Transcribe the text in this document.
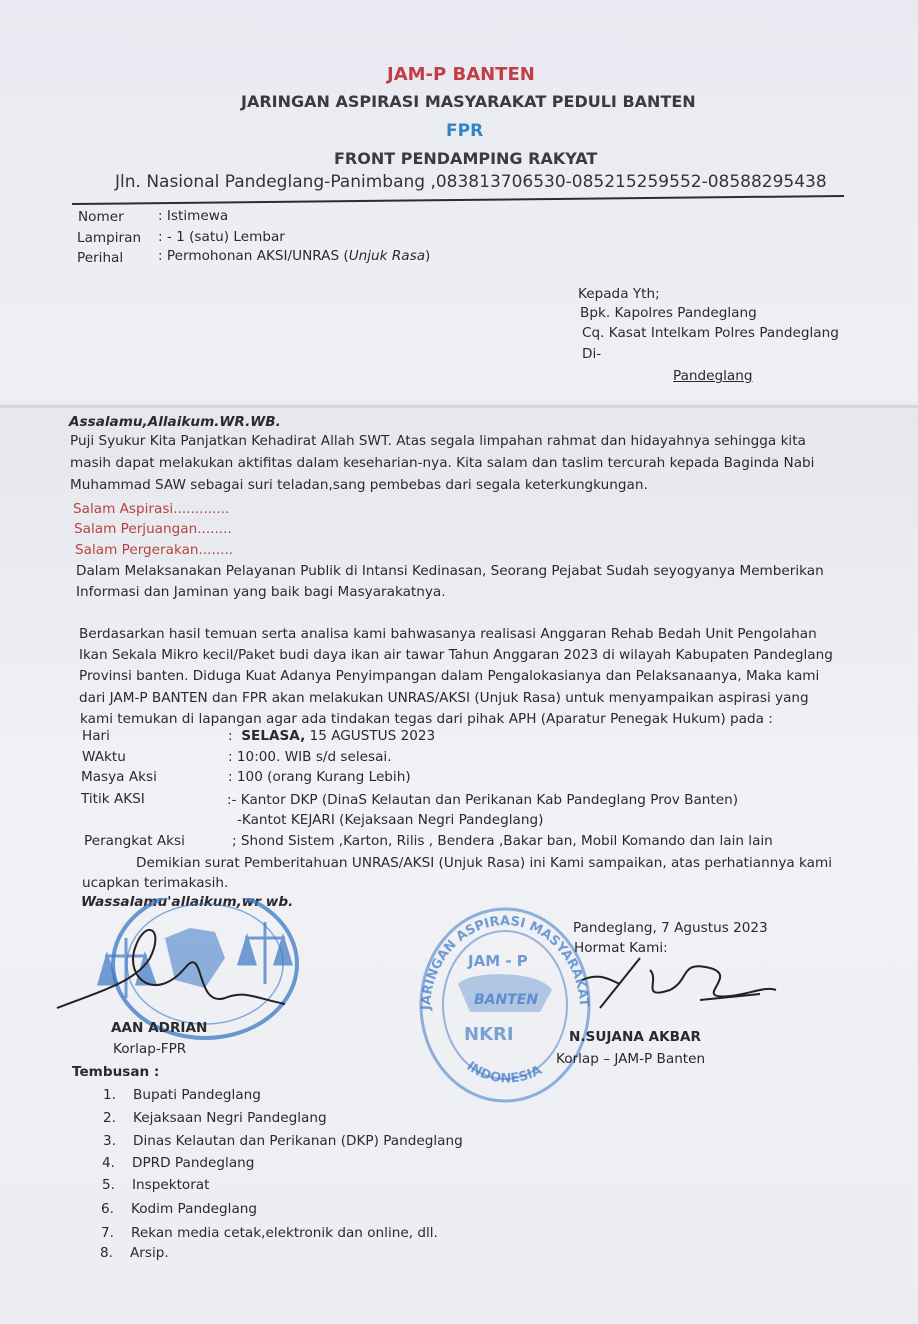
JAM-P BANTEN
JARINGAN ASPIRASI MASYARAKAT PEDULI BANTEN
FPR
FRONT PENDAMPING RAKYAT
Jln. Nasional Pandeglang-Panimbang ,083813706530-085215259552-08588295438
Nomer	: Istimewa
Lampiran : - 1 (satu) Lembar
Perihal	: Permohonan AKSI/UNRAS (Unjuk Rasa)
Kepada Yth;
Bpk. Kapolres Pandeglang
Cq. Kasat Intelkam Polres Pandeglang
Di-
Pandeglang
Assalamu,Allaikum.WR.WB.
Puji Syukur Kita Panjatkan Kehadirat Allah SWT. Atas segala limpahan rahmat dan hidayahnya sehingga kita
masih dapat melakukan aktifitas dalam keseharian-nya. Kita salam dan taslim tercurah kepada Baginda Nabi
Muhammad SAW sebagai suri teladan,sang pembebas dari segala keterkungkungan.
Salam Aspirasi.............
Salam Perjuangan........
Salam Pergerakan........
Dalam Melaksanakan Pelayanan Publik di Intansi Kedinasan, Seorang Pejabat Sudah seyogyanya Memberikan
Informasi dan Jaminan yang baik bagi Masyarakatnya.
Berdasarkan hasil temuan serta analisa kami bahwasanya realisasi Anggaran Rehab Bedah Unit Pengolahan
Ikan Sekala Mikro kecil/Paket budi daya ikan air tawar Tahun Anggaran 2023 di wilayah Kabupaten Pandeglang
Provinsi banten. Diduga Kuat Adanya Penyimpangan dalam Pengalokasianya dan Pelaksanaanya, Maka kami
dari JAM-P BANTEN dan FPR akan melakukan UNRAS/AKSI (Unjuk Rasa) untuk menyampaikan aspirasi yang
kami temukan di lapangan agar ada tindakan tegas dari pihak APH (Aparatur Penegak Hukum) pada :
Hari	: SELASA, 15 AGUSTUS 2023
WAktu	: 10:00. WIB s/d selesai.
Masya Aksi	: 100 (orang Kurang Lebih)
Titik AKSI	:- Kantor DKP (DinaS Kelautan dan Perikanan Kab Pandeglang Prov Banten)
-Kantot KEJARI (Kejaksaan Negri Pandeglang)
Perangkat Aksi	; Shond Sistem ,Karton, Rilis , Bendera ,Bakar ban, Mobil Komando dan lain lain
Demikian surat Pemberitahuan UNRAS/AKSI (Unjuk Rasa) ini Kami sampaikan, atas perhatiannya kami
ucapkan terimakasih.
Wassalamu'allaikum,wr wb.
AAN ADRIAN
Korlap-FPR
JARINGAN ASPIRASI MASYARAKAT
INDONESIA
JAM - P
BANTEN
NKRI
Pandeglang, 7 Agustus 2023
Hormat Kami:
N.SUJANA AKBAR
Korlap – JAM-P Banten
Tembusan :
1. Bupati Pandeglang
2. Kejaksaan Negri Pandeglang
3. Dinas Kelautan dan Perikanan (DKP) Pandeglang
4. DPRD Pandeglang
5. Inspektorat
6. Kodim Pandeglang
7. Rekan media cetak,elektronik dan online, dll.
8. Arsip.
